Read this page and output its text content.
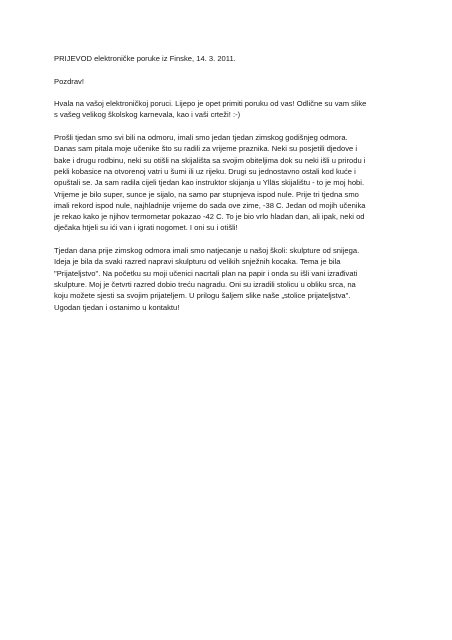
PRIJEVOD elektroničke poruke iz Finske, 14. 3. 2011.

Pozdrav!

Hvala na vašoj elektroničkoj poruci. Lijepo je opet primiti poruku od vas! Odlične su vam slike
s vašeg velikog školskog karnevala, kao i vaši crteži! :-)

Prošli tjedan smo svi bili na odmoru, imali smo jedan tjedan zimskog godišnjeg odmora.
Danas sam pitala moje učenike što su radili za vrijeme praznika. Neki su posjetili djedove i
bake i drugu rodbinu, neki su otišli na skijališta sa svojim obiteljima dok su neki išli u prirodu i
pekli kobasice na otvorenoj vatri u šumi ili uz rijeku. Drugi su jednostavno ostali kod kuće i
opuštali se. Ja sam radila cijeli tjedan kao instruktor skijanja u Ylläs skijalištu - to je moj hobi.
Vrijeme je bilo super, sunce je sijalo, na samo par stupnjeva ispod nule. Prije tri tjedna smo
imali rekord ispod nule, najhladnije vrijeme do sada ove zime, -38 C. Jedan od mojih učenika
je rekao kako je njihov termometar pokazao -42 C. To je bio vrlo hladan dan, ali ipak, neki od
dječaka htjeli su ići van i igrati nogomet. I oni su i otišli!

Tjedan dana prije zimskog odmora imali smo natjecanje u našoj školi: skulpture od snijega.
Ideja je bila da svaki razred napravi skulpturu od velikih snježnih kocaka. Tema je bila
"Prijateljstvo". Na početku su moji učenici nacrtali plan na papir i onda su išli vani izrađivati
skulpture. Moj je četvrti razred dobio treću nagradu. Oni su izradili stolicu u obliku srca, na
koju možete sjesti sa svojim prijateljem. U prilogu šaljem slike naše „stolice prijateljstva".
Ugodan tjedan i ostanimo u kontaktu!
